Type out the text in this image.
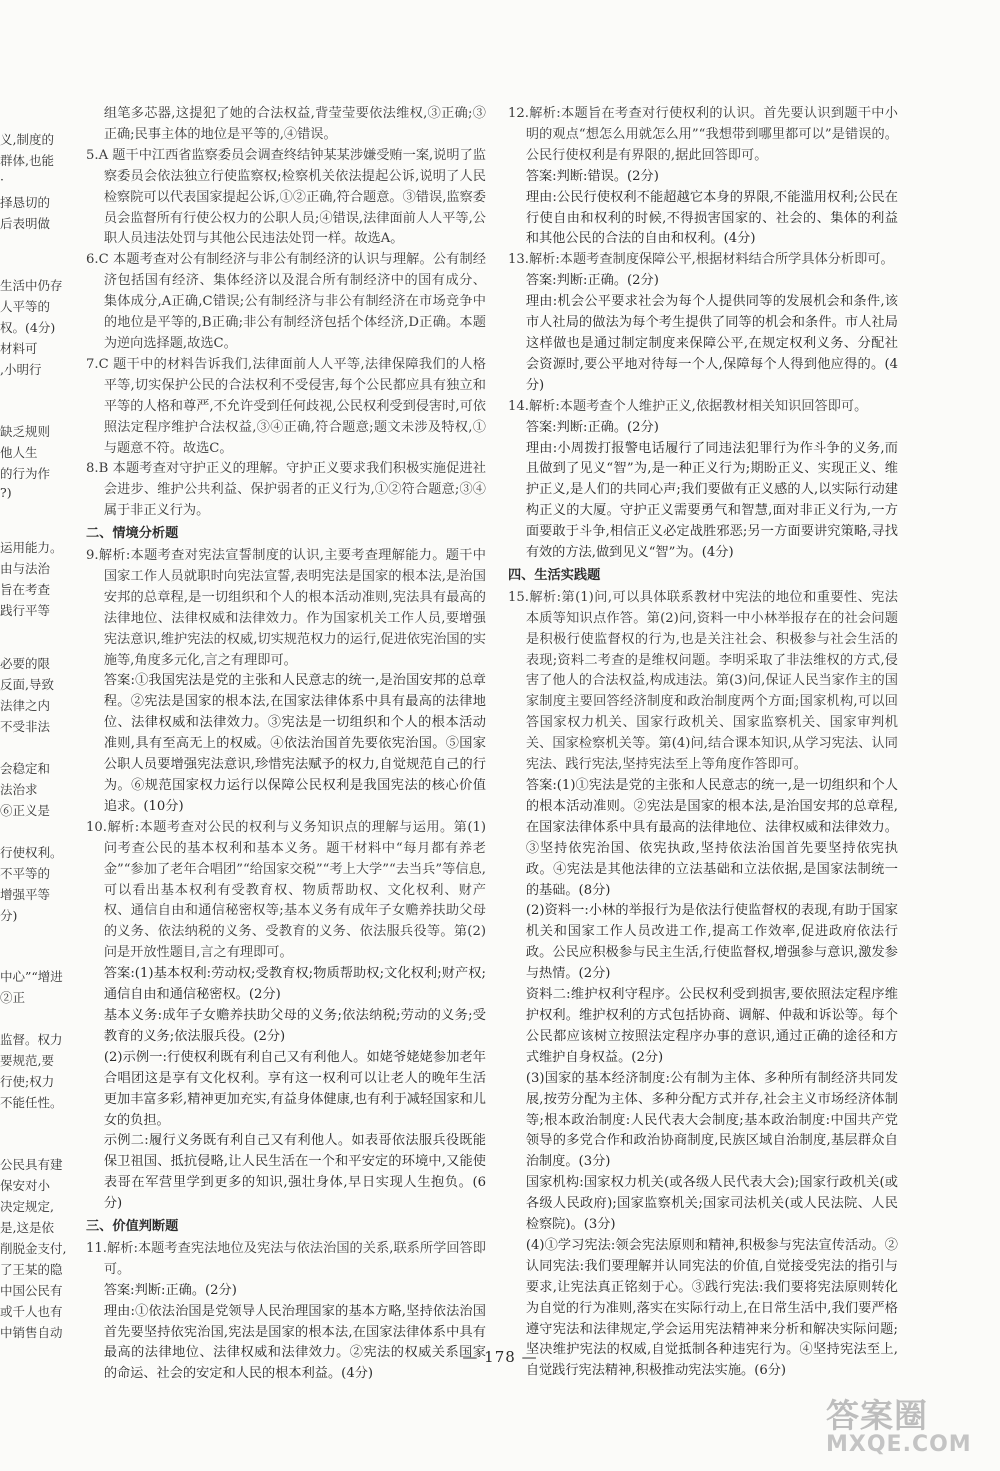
义,制度的
群体,也能
·
择恳切的
后表明做
生活中仍存
人平等的
权。(4分)
材料可
,小明行
缺乏规则
他人生
的行为作
?)
运用能力。
由与法治
旨在考查
践行平等
必要的限
反面,导致
法律之内
不受非法
会稳定和
法治求
⑥正义是
行使权利。
不平等的
增强平等
分)
中心”“增进
②正
监督。权力
要规范,要
行使;权力
不能任性。
公民具有建
保安对小
决定规定,
是,这是依
削脱金支付,
了王某的隐
中国公民有
或千人也有
中销售自动

组笔多芯器,这提犯了她的合法权益,背莹莹要依法维权,③正确;③正确;民事主体的地位是平等的,④错误。

5.A 题干中江西省监察委员会调查终结钟某某涉嫌受贿一案,说明了监察委员会依法独立行使监察权;检察机关依法提起公诉,说明了人民检察院可以代表国家提起公诉,①②正确,符合题意。③错误,监察委员会监督所有行使公权力的公职人员;④错误,法律面前人人平等,公职人员违法处罚与其他公民违法处罚一样。故选A。

6.C 本题考查对公有制经济与非公有制经济的认识与理解。公有制经济包括国有经济、集体经济以及混合所有制经济中的国有成分、集体成分,A正确,C错误;公有制经济与非公有制经济在市场竞争中的地位是平等的,B正确;非公有制经济包括个体经济,D正确。本题为逆向选择题,故选C。

7.C 题干中的材料告诉我们,法律面前人人平等,法律保障我们的人格平等,切实保护公民的合法权利不受侵害,每个公民都应具有独立和平等的人格和尊严,不允许受到任何歧视,公民权利受到侵害时,可依照法定程序维护合法权益,③④正确,符合题意;题文未涉及特权,①与题意不符。故选C。

8.B 本题考查对守护正义的理解。守护正义要求我们积极实施促进社会进步、维护公共利益、保护弱者的正义行为,①②符合题意;③④属于非正义行为。

二、情境分析题

9.解析:本题考查对宪法宣誓制度的认识,主要考查理解能力。题干中国家工作人员就职时向宪法宣誓,表明宪法是国家的根本法,是治国安邦的总章程,是一切组织和个人的根本活动准则,宪法具有最高的法律地位、法律权威和法律效力。作为国家机关工作人员,要增强宪法意识,维护宪法的权威,切实规范权力的运行,促进依宪治国的实施等,角度多元化,言之有理即可。

答案:①我国宪法是党的主张和人民意志的统一,是治国安邦的总章程。②宪法是国家的根本法,在国家法律体系中具有最高的法律地位、法律权威和法律效力。③宪法是一切组织和个人的根本活动准则,具有至高无上的权威。④依法治国首先要依宪治国。⑤国家公职人员要增强宪法意识,珍惜宪法赋予的权力,自觉规范自己的行为。⑥规范国家权力运行以保障公民权利是我国宪法的核心价值追求。(10分)

10.解析:本题考查对公民的权利与义务知识点的理解与运用。第(1)问考查公民的基本权利和基本义务。题干材料中“每月都有养老金”“参加了老年合唱团”“给国家交税”“考上大学”“去当兵”等信息,可以看出基本权利有受教育权、物质帮助权、文化权利、财产权、通信自由和通信秘密权等;基本义务有成年子女赡养扶助父母的义务、依法纳税的义务、受教育的义务、依法服兵役等。第(2)问是开放性题目,言之有理即可。

答案:(1)基本权利:劳动权;受教育权;物质帮助权;文化权利;财产权;通信自由和通信秘密权。(2分)

基本义务:成年子女赡养扶助父母的义务;依法纳税;劳动的义务;受教育的义务;依法服兵役。(2分)

(2)示例一:行使权利既有利自己又有利他人。如姥爷姥姥参加老年合唱团这是享有文化权利。享有这一权利可以让老人的晚年生活更加丰富多彩,精神更加充实,有益身体健康,也有利于减轻国家和儿女的负担。

示例二:履行义务既有利自己又有利他人。如表哥依法服兵役既能保卫祖国、抵抗侵略,让人民生活在一个和平安定的环境中,又能使表哥在军营里学到更多的知识,强壮身体,早日实现人生抱负。(6分)

三、价值判断题

11.解析:本题考查宪法地位及宪法与依法治国的关系,联系所学回答即可。

答案:判断:正确。(2分)

理由:①依法治国是党领导人民治理国家的基本方略,坚持依法治国首先要坚持依宪治国,宪法是国家的根本法,在国家法律体系中具有最高的法律地位、法律权威和法律效力。②宪法的权威关系国家的命运、社会的安定和人民的根本利益。(4分)

12.解析:本题旨在考查对行使权利的认识。首先要认识到题干中小明的观点“想怎么用就怎么用”“我想带到哪里都可以”是错误的。公民行使权利是有界限的,据此回答即可。

答案:判断:错误。(2分)

理由:公民行使权利不能超越它本身的界限,不能滥用权利;公民在行使自由和权利的时候,不得损害国家的、社会的、集体的利益和其他公民的合法的自由和权利。(4分)

13.解析:本题考查制度保障公平,根据材料结合所学具体分析即可。

答案:判断:正确。(2分)

理由:机会公平要求社会为每个人提供同等的发展机会和条件,该市人社局的做法为每个考生提供了同等的机会和条件。市人社局这样做也是通过制定制度来保障公平,在规定权利义务、分配社会资源时,要公平地对待每一个人,保障每个人得到他应得的。(4分)

14.解析:本题考查个人维护正义,依据教材相关知识回答即可。

答案:判断:正确。(2分)

理由:小周拨打报警电话履行了同违法犯罪行为作斗争的义务,而且做到了见义“智”为,是一种正义行为;期盼正义、实现正义、维护正义,是人们的共同心声;我们要做有正义感的人,以实际行动建构正义的大厦。守护正义需要勇气和智慧,面对非正义行为,一方面要敢于斗争,相信正义必定战胜邪恶;另一方面要讲究策略,寻找有效的方法,做到见义“智”为。(4分)

四、生活实践题

15.解析:第(1)问,可以具体联系教材中宪法的地位和重要性、宪法本质等知识点作答。第(2)问,资料一中小林举报存在的社会问题是积极行使监督权的行为,也是关注社会、积极参与社会生活的表现;资料二考查的是维权问题。李明采取了非法维权的方式,侵害了他人的合法权益,构成违法。第(3)问,保证人民当家作主的国家制度主要回答经济制度和政治制度两个方面;国家机构,可以回答国家权力机关、国家行政机关、国家监察机关、国家审判机关、国家检察机关等。第(4)问,结合课本知识,从学习宪法、认同宪法、践行宪法,坚持宪法至上等角度作答即可。

答案:(1)①宪法是党的主张和人民意志的统一,是一切组织和个人的根本活动准则。②宪法是国家的根本法,是治国安邦的总章程,在国家法律体系中具有最高的法律地位、法律权威和法律效力。③坚持依宪治国、依宪执政,坚持依法治国首先要坚持依宪执政。④宪法是其他法律的立法基础和立法依据,是国家法制统一的基础。(8分)

(2)资料一:小林的举报行为是依法行使监督权的表现,有助于国家机关和国家工作人员改进工作,提高工作效率,促进政府依法行政。公民应积极参与民主生活,行使监督权,增强参与意识,激发参与热情。(2分)

资料二:维护权利守程序。公民权利受到损害,要依照法定程序维护权利。维护权利的方式包括协商、调解、仲裁和诉讼等。每个公民都应该树立按照法定程序办事的意识,通过正确的途径和方式维护自身权益。(2分)

(3)国家的基本经济制度:公有制为主体、多种所有制经济共同发展,按劳分配为主体、多种分配方式并存,社会主义市场经济体制等;根本政治制度:人民代表大会制度;基本政治制度:中国共产党领导的多党合作和政治协商制度,民族区域自治制度,基层群众自治制度。(3分)

国家机构:国家权力机关(或各级人民代表大会);国家行政机关(或各级人民政府);国家监察机关;国家司法机关(或人民法院、人民检察院)。(3分)

(4)①学习宪法:领会宪法原则和精神,积极参与宪法宣传活动。②认同宪法:我们要理解并认同宪法的价值,自觉接受宪法的指引与要求,让宪法真正铭刻于心。③践行宪法:我们要将宪法原则转化为自觉的行为准则,落实在实际行动上,在日常生活中,我们要严格遵守宪法和法律规定,学会运用宪法精神来分析和解决实际问题;坚决维护宪法的权威,自觉抵制各种违宪行为。④坚持宪法至上,自觉践行宪法精神,积极推动宪法实施。(6分)

— 178 —
答案圈
MXQE.COM
